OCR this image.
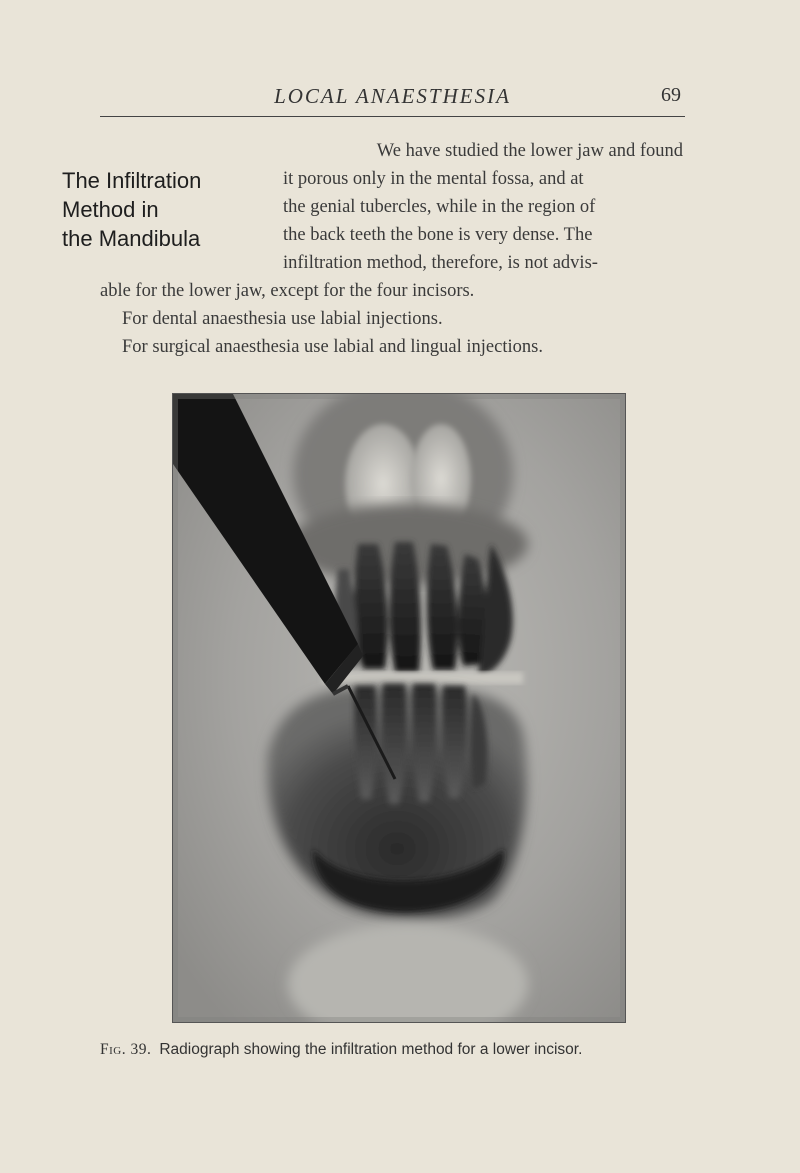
LOCAL ANAESTHESIA	69
The Infiltration
Method in
the Mandibula
We have studied the lower jaw and found
it porous only in the mental fossa, and at
the genial tubercles, while in the region of
the back teeth the bone is very dense. The
infiltration method, therefore, is not advis-
able for the lower jaw, except for the four incisors.
For dental anaesthesia use labial injections.
For surgical anaesthesia use labial and lingual injections.
Fig. 39. Radiograph showing the infiltration method for a lower incisor.
